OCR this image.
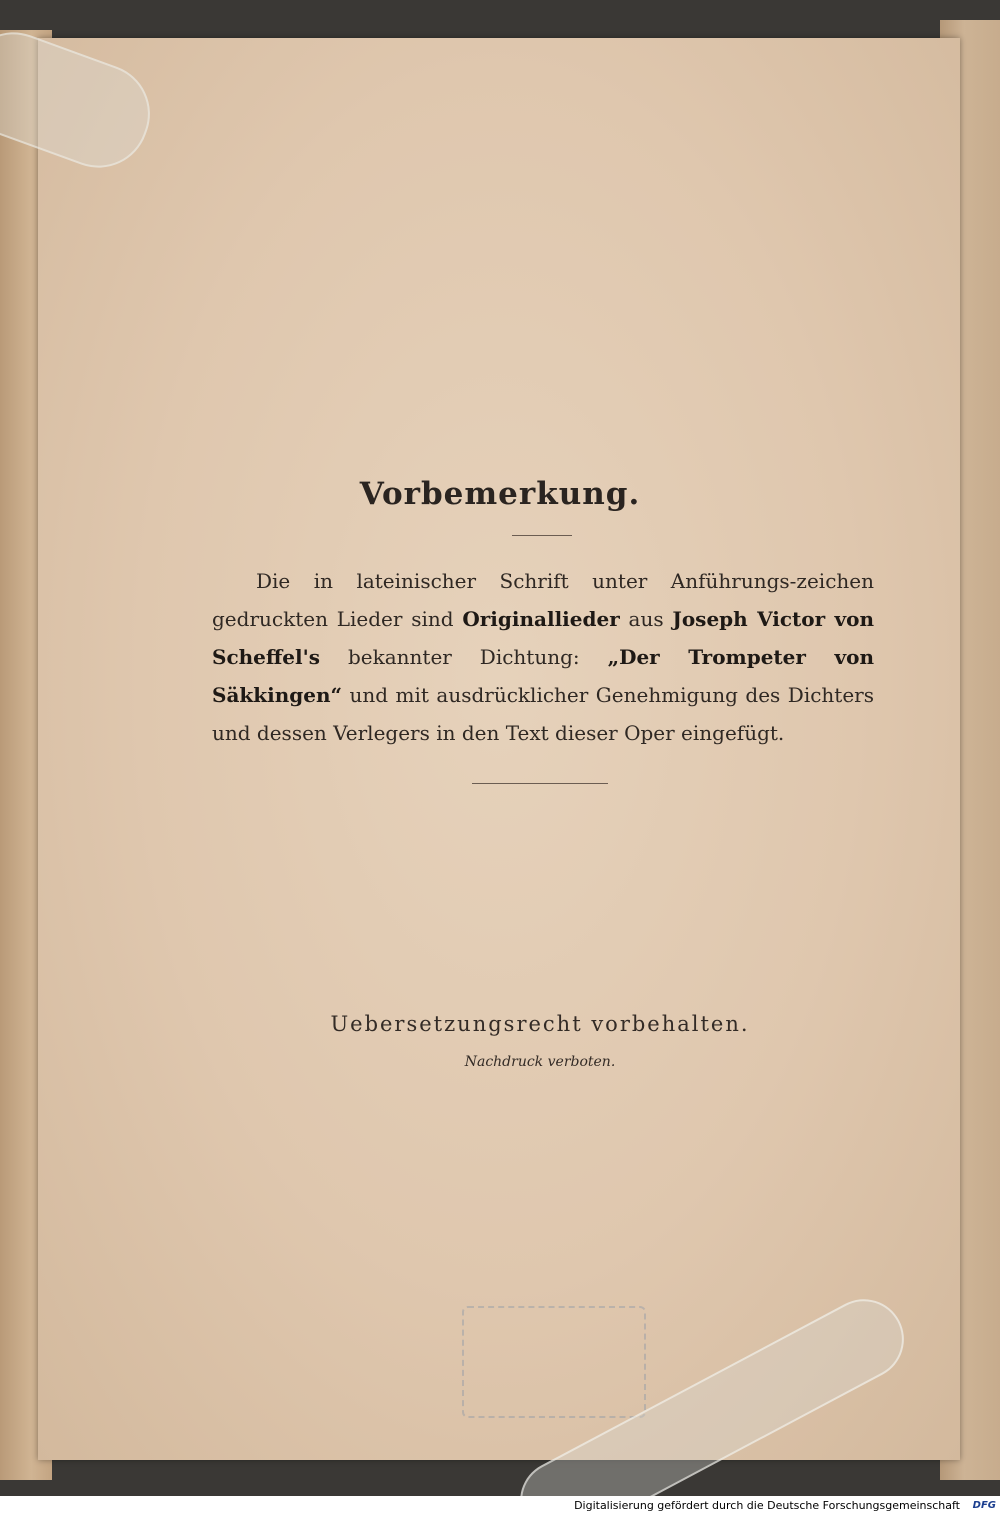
Vorbemerkung.
Die in lateinischer Schrift unter Anführungs-zeichen gedruckten Lieder sind Originallieder aus Joseph Victor von Scheffel's bekannter Dichtung: „Der Trompeter von Säkkingen“ und mit ausdrücklicher Genehmigung des Dichters und dessen Verlegers in den Text dieser Oper eingefügt.
Uebersetzungsrecht vorbehalten.
Nachdruck verboten.
Digitalisierung gefördert durch die Deutsche Forschungsgemeinschaft DFG
